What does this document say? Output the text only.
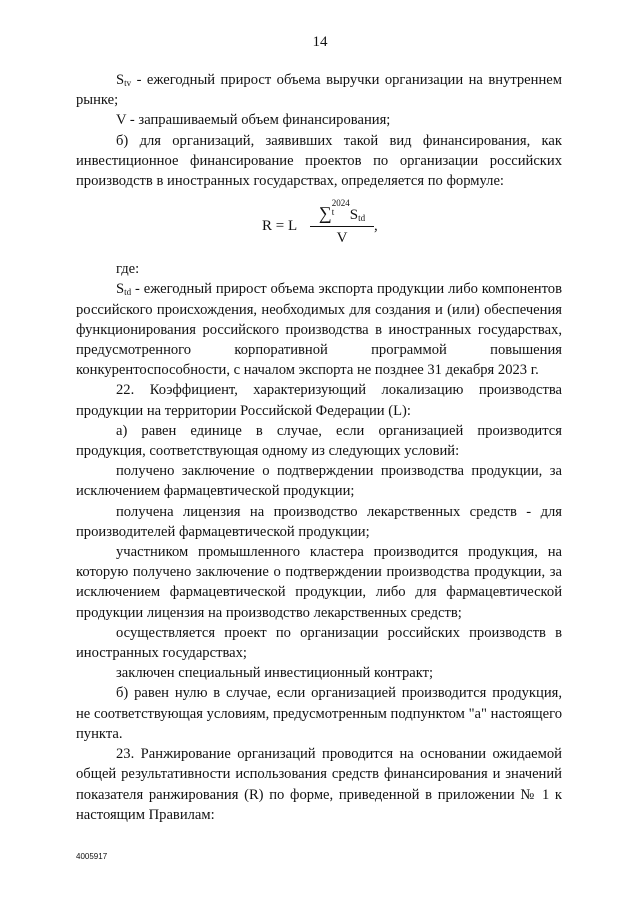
14

$S_{tv}$ - ежегодный прирост объема выручки организации на внутреннем рынке;

V - запрашиваемый объем финансирования;

б) для организаций, заявивших такой вид финансирования, как инвестиционное финансирование проектов по организации российских производств в иностранных государствах, определяется по формуле:

R = L
∑2024
t $S_{td}$
V
,

где:

$S_{td}$ - ежегодный прирост объема экспорта продукции либо компонентов российского происхождения, необходимых для создания и (или) обеспечения функционирования российского производства в иностранных государствах, предусмотренного корпоративной программой повышения конкурентоспособности, с началом экспорта не позднее 31 декабря 2023 г.

22. Коэффициент, характеризующий локализацию производства продукции на территории Российской Федерации (L):

а) равен единице в случае, если организацией производится продукция, соответствующая одному из следующих условий:

получено заключение о подтверждении производства продукции, за исключением фармацевтической продукции;

получена лицензия на производство лекарственных средств - для производителей фармацевтической продукции;

участником промышленного кластера производится продукция, на которую получено заключение о подтверждении производства продукции, за исключением фармацевтической продукции, либо для фармацевтической продукции лицензия на производство лекарственных средств;

осуществляется проект по организации российских производств в иностранных государствах;

заключен специальный инвестиционный контракт;

б) равен нулю в случае, если организацией производится продукция, не соответствующая условиям, предусмотренным подпунктом "а" настоящего пункта.

23. Ранжирование организаций проводится на основании ожидаемой общей результативности использования средств финансирования и значений показателя ранжирования (R) по форме, приведенной в приложении № 1 к настоящим Правилам:

4005917
